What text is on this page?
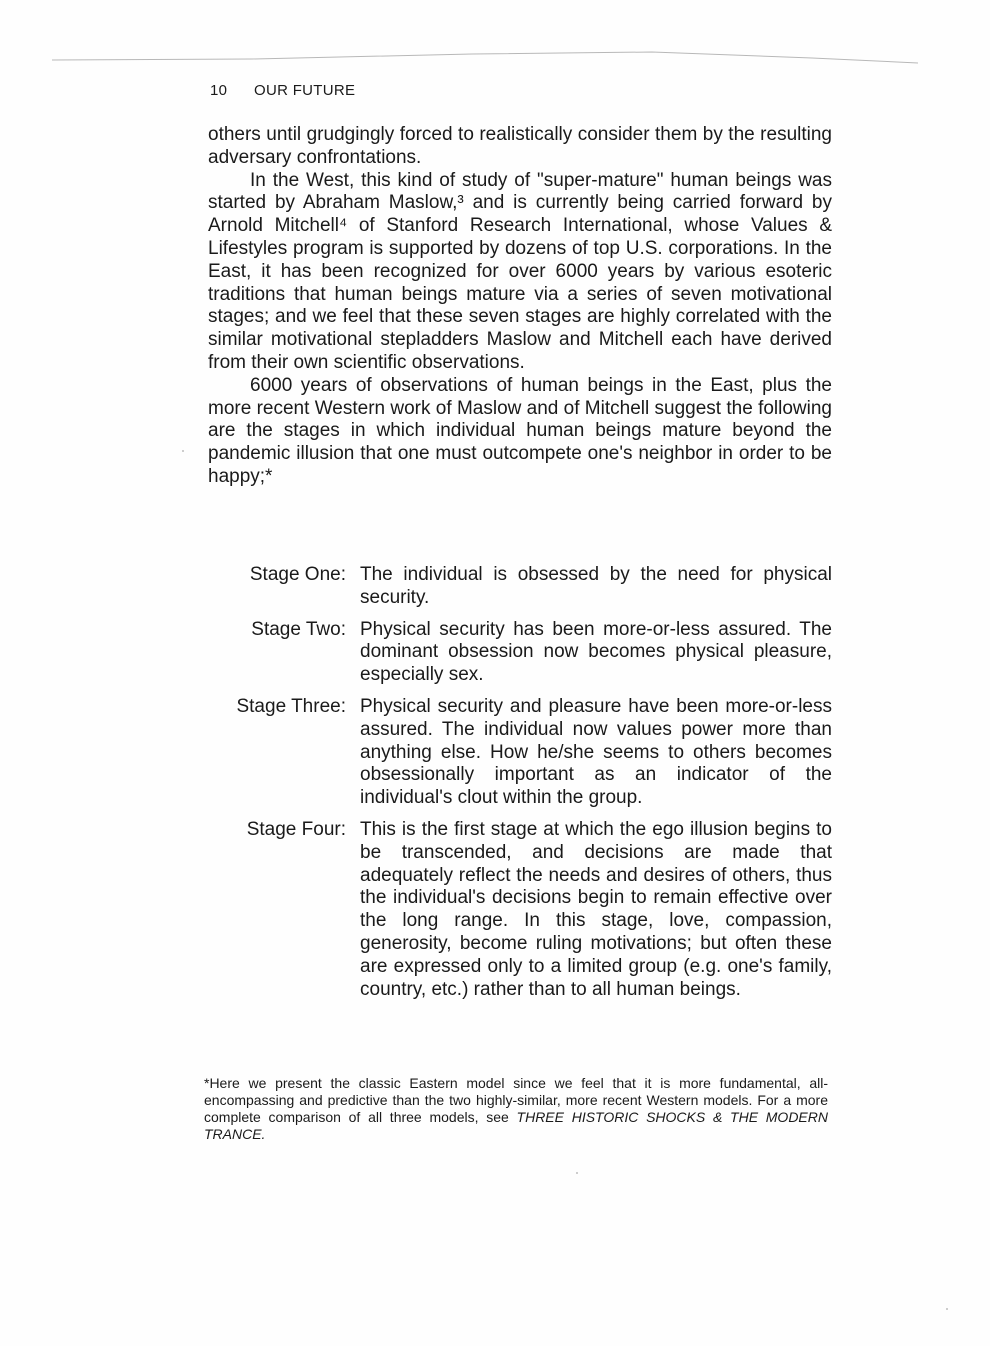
10 OUR FUTURE

others until grudgingly forced to realistically consider them by the resulting adversary confrontations.

In the West, this kind of study of "super-mature" human beings was started by Abraham Maslow,³ and is currently being carried forward by Arnold Mitchell⁴ of Stanford Research International, whose Values & Lifestyles program is supported by dozens of top U.S. corporations. In the East, it has been recognized for over 6000 years by various esoteric traditions that human beings mature via a series of seven motivational stages; and we feel that these seven stages are highly correlated with the similar motivational stepladders Maslow and Mitchell each have derived from their own scientific observations.

6000 years of observations of human beings in the East, plus the more recent Western work of Maslow and of Mitchell suggest the following are the stages in which individual human beings mature beyond the pandemic illusion that one must outcompete one's neighbor in order to be happy;*

Stage One: The individual is obsessed by the need for physical security.
Stage Two: Physical security has been more-or-less assured. The dominant obsession now becomes physical pleasure, especially sex.
Stage Three: Physical security and pleasure have been more-or-less assured. The individual now values power more than anything else. How he/she seems to others becomes obsessionally important as an indicator of the individual's clout within the group.
Stage Four: This is the first stage at which the ego illusion begins to be transcended, and decisions are made that adequately reflect the needs and desires of others, thus the individual's decisions begin to remain effective over the long range. In this stage, love, compassion, generosity, become ruling motivations; but often these are expressed only to a limited group (e.g. one's family, country, etc.) rather than to all human beings.
*Here we present the classic Eastern model since we feel that it is more fundamental, all-encompassing and predictive than the two highly-similar, more recent Western models. For a more complete comparison of all three models, see THREE HISTORIC SHOCKS & THE MODERN TRANCE.
